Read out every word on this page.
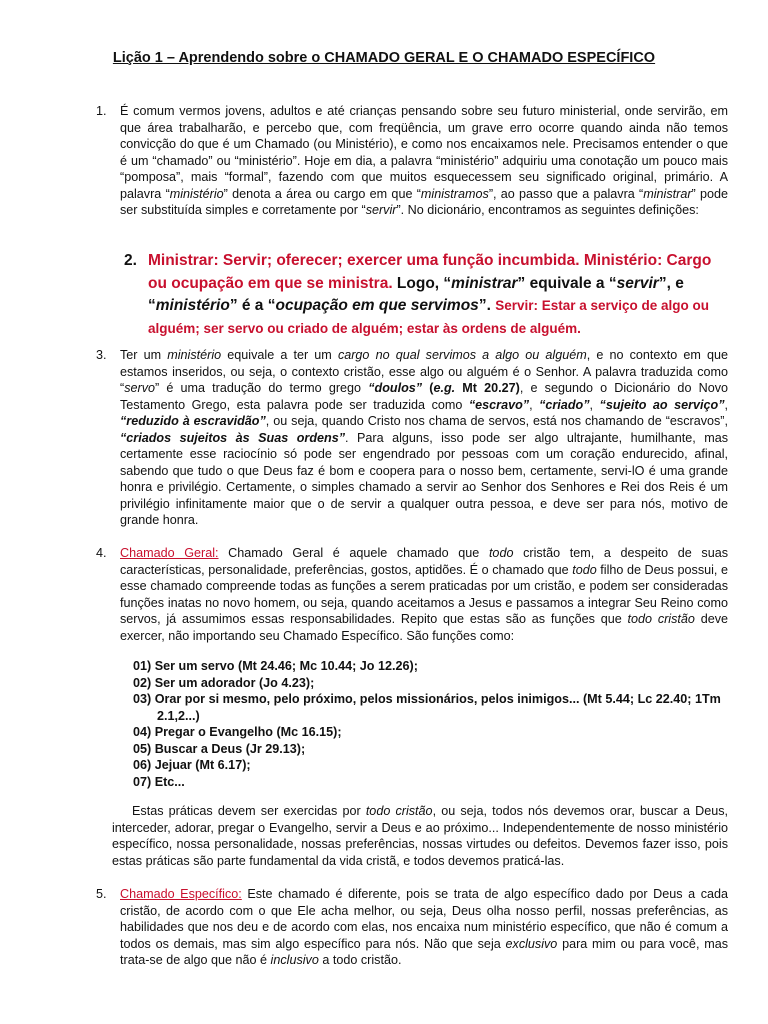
Lição 1 – Aprendendo sobre o CHAMADO GERAL E O CHAMADO ESPECÍFICO
1. É comum vermos jovens, adultos e até crianças pensando sobre seu futuro ministerial, onde servirão, em que área trabalharão, e percebo que, com freqüência, um grave erro ocorre quando ainda não temos convicção do que é um Chamado (ou Ministério), e como nos encaixamos nele. Precisamos entender o que é um “chamado” ou “ministério”. Hoje em dia, a palavra “ministério” adquiriu uma conotação um pouco mais “pomposa”, mais “formal”, fazendo com que muitos esquecessem seu significado original, primário. A palavra “ministério” denota a área ou cargo em que “ministramos”, ao passo que a palavra “ministrar” pode ser substituída simples e corretamente por “servir”. No dicionário, encontramos as seguintes definições:
2. Ministrar: Servir; oferecer; exercer uma função incumbida. Ministério: Cargo ou ocupação em que se ministra. Logo, “ministrar” equivale a “servir”, e “ministério” é a “ocupação em que servimos”. Servir: Estar a serviço de algo ou alguém; ser servo ou criado de alguém; estar às ordens de alguém.
3. Ter um ministério equivale a ter um cargo no qual servimos a algo ou alguém, e no contexto em que estamos inseridos, ou seja, o contexto cristão, esse algo ou alguém é o Senhor. A palavra traduzida como “servo” é uma tradução do termo grego “doulos” (e.g. Mt 20.27), e segundo o Dicionário do Novo Testamento Grego, esta palavra pode ser traduzida como “escravo”, “criado”, “sujeito ao serviço”, “reduzido à escravidão”, ou seja, quando Cristo nos chama de servos, está nos chamando de “escravos”, “criados sujeitos às Suas ordens”. Para alguns, isso pode ser algo ultrajante, humilhante, mas certamente esse raciocínio só pode ser engendrado por pessoas com um coração endurecido, afinal, sabendo que tudo o que Deus faz é bom e coopera para o nosso bem, certamente, servi-lO é uma grande honra e privilégio. Certamente, o simples chamado a servir ao Senhor dos Senhores e Rei dos Reis é um privilégio infinitamente maior que o de servir a qualquer outra pessoa, e deve ser para nós, motivo de grande honra.
4. Chamado Geral: Chamado Geral é aquele chamado que todo cristão tem, a despeito de suas características, personalidade, preferências, gostos, aptidões. É o chamado que todo filho de Deus possui, e esse chamado compreende todas as funções a serem praticadas por um cristão, e podem ser consideradas funções inatas no novo homem, ou seja, quando aceitamos a Jesus e passamos a integrar Seu Reino como servos, já assumimos essas responsabilidades. Repito que estas são as funções que todo cristão deve exercer, não importando seu Chamado Específico. São funções como:
01) Ser um servo (Mt 24.46; Mc 10.44; Jo 12.26);
02) Ser um adorador (Jo 4.23);
03) Orar por si mesmo, pelo próximo, pelos missionários, pelos inimigos... (Mt 5.44; Lc 22.40; 1Tm 2.1,2...)
04) Pregar o Evangelho (Mc 16.15);
05) Buscar a Deus (Jr 29.13);
06) Jejuar (Mt 6.17);
07) Etc...
Estas práticas devem ser exercidas por todo cristão, ou seja, todos nós devemos orar, buscar a Deus, interceder, adorar, pregar o Evangelho, servir a Deus e ao próximo... Independentemente de nosso ministério específico, nossa personalidade, nossas preferências, nossas virtudes ou defeitos. Devemos fazer isso, pois estas práticas são parte fundamental da vida cristã, e todos devemos praticá-las.
5. Chamado Específico: Este chamado é diferente, pois se trata de algo específico dado por Deus a cada cristão, de acordo com o que Ele acha melhor, ou seja, Deus olha nosso perfil, nossas preferências, as habilidades que nos deu e de acordo com elas, nos encaixa num ministério específico, que não é comum a todos os demais, mas sim algo específico para nós. Não que seja exclusivo para mim ou para você, mas trata-se de algo que não é inclusivo a todo cristão.
